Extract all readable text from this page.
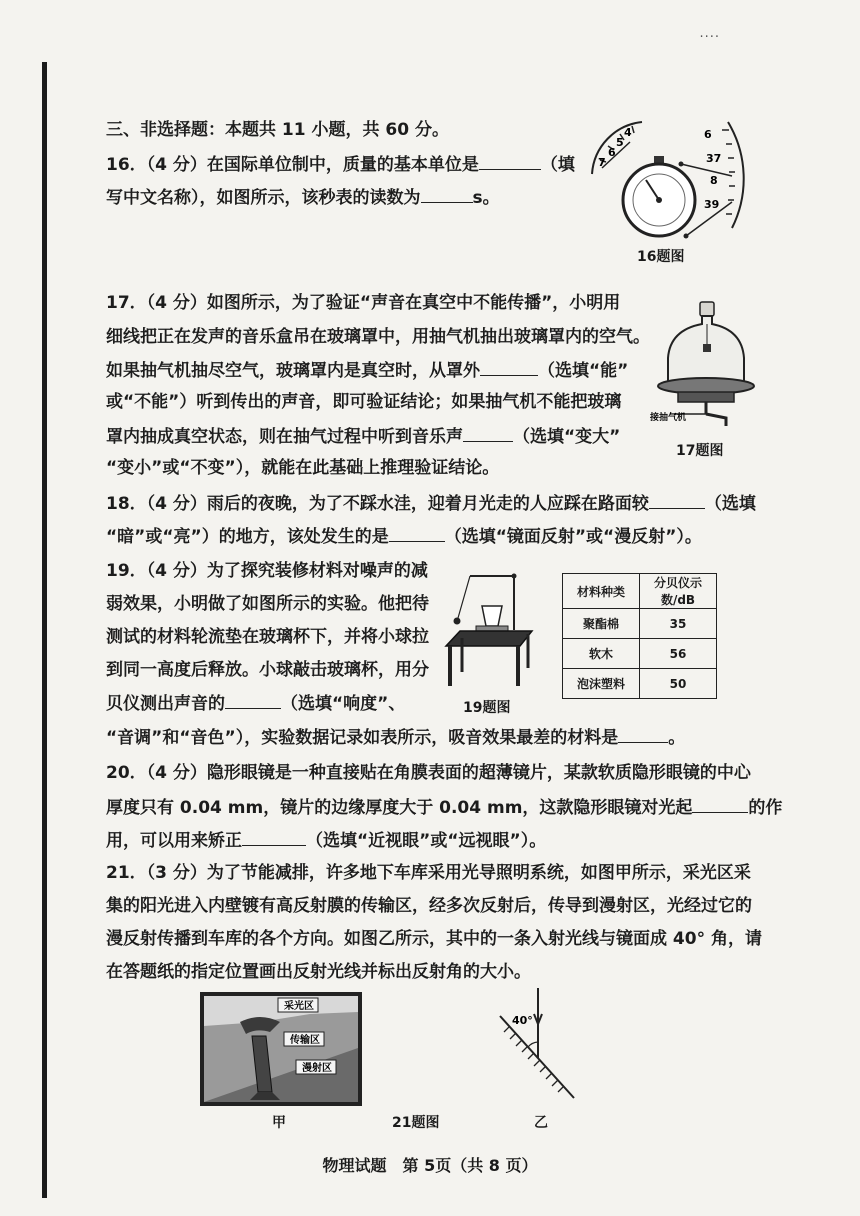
....
三、非选择题：本题共 11 小题，共 60 分。
16．（4 分）在国际单位制中，质量的基本单位是	（填
写中文名称），如图所示，该秒表的读数为	s。
4
5
6
7
6
37
8
39
16题图
17．（4 分）如图所示，为了验证“声音在真空中不能传播”，小明用
细线把正在发声的音乐盒吊在玻璃罩中，用抽气机抽出玻璃罩内的空气。
如果抽气机抽尽空气，玻璃罩内是真空时，从罩外	（选填“能”
或“不能”）听到传出的声音，即可验证结论；如果抽气机不能把玻璃
罩内抽成真空状态，则在抽气过程中听到音乐声	（选填“变大”
“变小”或“不变”），就能在此基础上推理验证结论。
接抽气机
17题图
18．（4 分）雨后的夜晚，为了不踩水洼，迎着月光走的人应踩在路面较	（选填
“暗”或“亮”）的地方，该处发生的是	（选填“镜面反射”或“漫反射”）。
19．（4 分）为了探究装修材料对噪声的减
弱效果，小明做了如图所示的实验。他把待
测试的材料轮流垫在玻璃杯下，并将小球拉
到同一高度后释放。小球敲击玻璃杯，用分
贝仪测出声音的	（选填“响度”、
“音调”和“音色”），实验数据记录如表所示，吸音效果最差的材料是	。
19题图
材料种类	分贝仪示数/dB
聚酯棉	35
软木	56
泡沫塑料	50
20．（4 分）隐形眼镜是一种直接贴在角膜表面的超薄镜片，某款软质隐形眼镜的中心
厚度只有 0.04 mm，镜片的边缘厚度大于 0.04 mm，这款隐形眼镜对光起	的作
用，可以用来矫正	（选填“近视眼”或“远视眼”）。
21．（3 分）为了节能减排，许多地下车库采用光导照明系统，如图甲所示，采光区采
集的阳光进入内壁镀有高反射膜的传输区，经多次反射后，传导到漫射区，光经过它的
漫反射传播到车库的各个方向。如图乙所示，其中的一条入射光线与镜面成 40° 角，请
在答题纸的指定位置画出反射光线并标出反射角的大小。
采光区
传输区
漫射区
甲	21题图
40°
乙
物理试题　第 5页（共 8 页）
